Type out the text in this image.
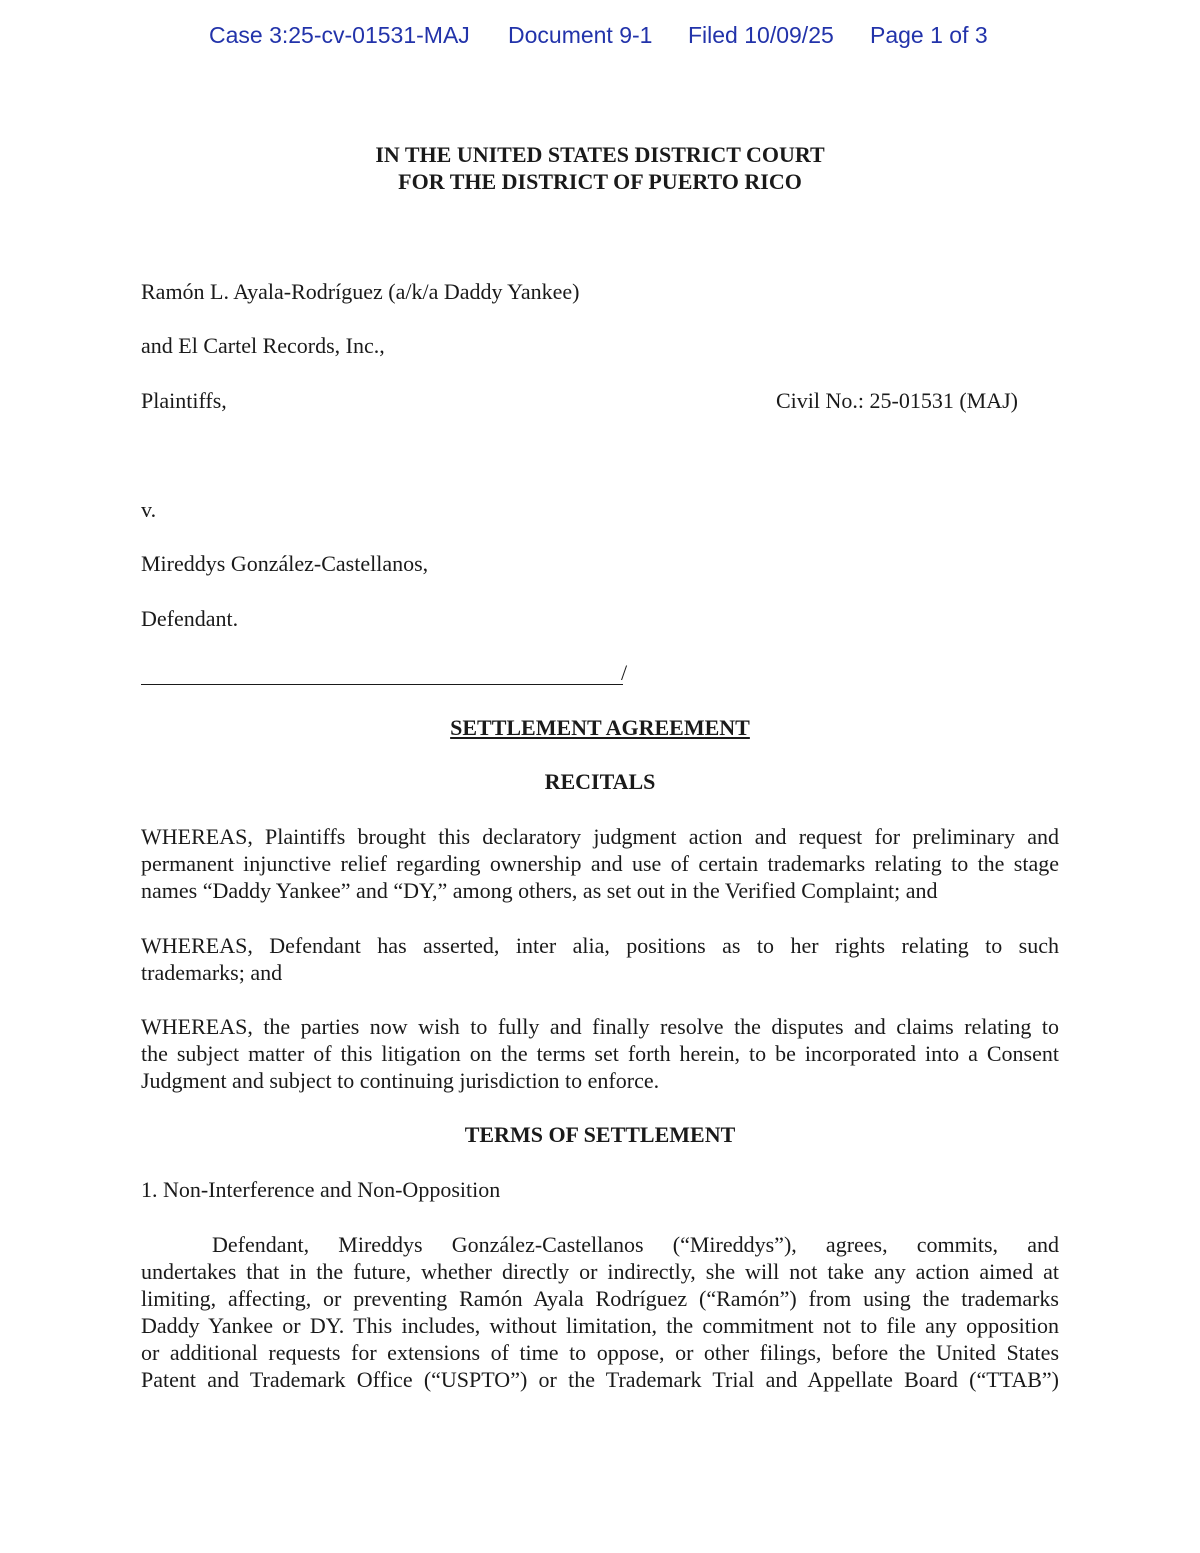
Case 3:25-cv-01531-MAJ Document 9-1 Filed 10/09/25 Page 1 of 3
IN THE UNITED STATES DISTRICT COURT
FOR THE DISTRICT OF PUERTO RICO
Ramón L. Ayala-Rodríguez (a/k/a Daddy Yankee)
and El Cartel Records, Inc.,
Plaintiffs,	Civil No.: 25-01531 (MAJ)
v.
Mireddys González-Castellanos,
Defendant.
/
SETTLEMENT AGREEMENT
RECITALS
WHEREAS, Plaintiffs brought this declaratory judgment action and request for preliminary and
permanent injunctive relief regarding ownership and use of certain trademarks relating to the stage
names “Daddy Yankee” and “DY,” among others, as set out in the Verified Complaint; and
WHEREAS, Defendant has asserted, inter alia, positions as to her rights relating to such
trademarks; and
WHEREAS, the parties now wish to fully and finally resolve the disputes and claims relating to
the subject matter of this litigation on the terms set forth herein, to be incorporated into a Consent
Judgment and subject to continuing jurisdiction to enforce.
TERMS OF SETTLEMENT
1. Non-Interference and Non-Opposition
Defendant, Mireddys González-Castellanos (“Mireddys”), agrees, commits, and
undertakes that in the future, whether directly or indirectly, she will not take any action aimed at
limiting, affecting, or preventing Ramón Ayala Rodríguez (“Ramón”) from using the trademarks
Daddy Yankee or DY. This includes, without limitation, the commitment not to file any opposition
or additional requests for extensions of time to oppose, or other filings, before the United States
Patent and Trademark Office (“USPTO”) or the Trademark Trial and Appellate Board (“TTAB”)
